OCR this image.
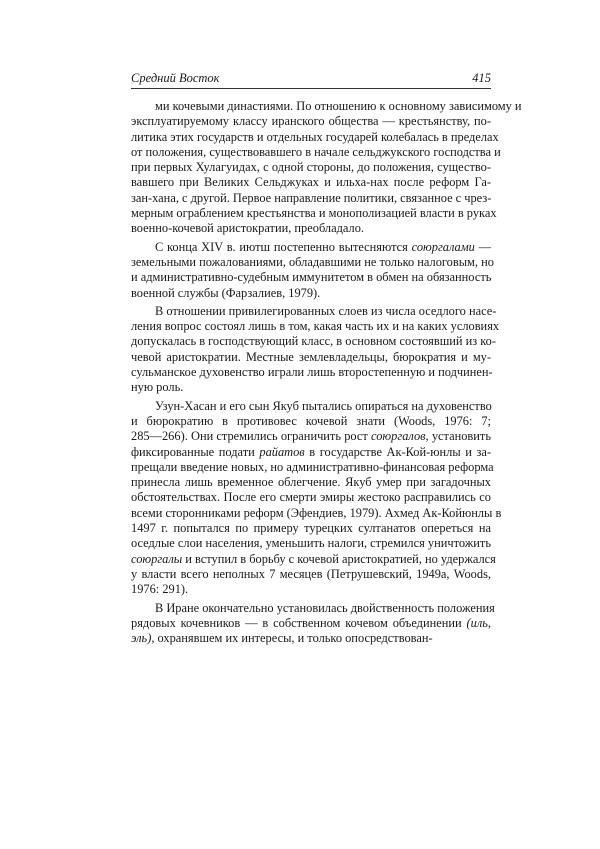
Средний Восток	415

ми кочевыми династиями. По отношению к основному зависимому и
эксплуатируемому классу иранского общества — крестьянству, по-
литика этих государств и отдельных государей колебалась в пределах
от положения, существовавшего в начале сельджукского господства и
при первых Хулагуидах, с одной стороны, до положения, существо-
вавшего при Великих Сельджуках и ильха-нах после реформ Га-
зан-хана, с другой. Первое направление политики, связанное с чрез-
мерным ограблением крестьянства и монополизацией власти в руках
военно-кочевой аристократии, преобладало.

С конца XIV в. иютш постепенно вытесняются союргалами —
земельными пожалованиями, обладавшими не только налоговым, но
и административно-судебным иммунитетом в обмен на обязанность
военной службы (Фарзалиев, 1979).

В отношении привилегированных слоев из числа оседлого насе-
ления вопрос состоял лишь в том, какая часть их и на каких условиях
допускалась в господствующий класс, в основном состоявший из ко-
чевой аристократии. Местные землевладельцы, бюрократия и му-
сульманское духовенство играли лишь второстепенную и подчинен-
ную роль.

Узун-Хасан и его сын Якуб пытались опираться на духовенство
и бюрократию в противовес кочевой знати (Woods, 1976: 7;
285—266). Они стремились ограничить рост союргалов, установить
фиксированные подати райатов в государстве Ак-Кой-юнлы и за-
прещали введение новых, но административно-финансовая реформа
принесла лишь временное облегчение. Якуб умер при загадочных
обстоятельствах. После его смерти эмиры жестоко расправились со
всеми сторонниками реформ (Эфендиев, 1979). Ахмед Ак-Койюнлы в
1497 г. попытался по примеру турецких султанатов опереться на
оседлые слои населения, уменьшить налоги, стремился уничтожить
союргалы и вступил в борьбу с кочевой аристократией, но удержался
у власти всего неполных 7 месяцев (Петрушевский, 1949а, Woods,
1976: 291).

В Иране окончательно установилась двойственность положения
рядовых кочевников — в собственном кочевом объединении (иль,
эль), охранявшем их интересы, и только опосредствован-
